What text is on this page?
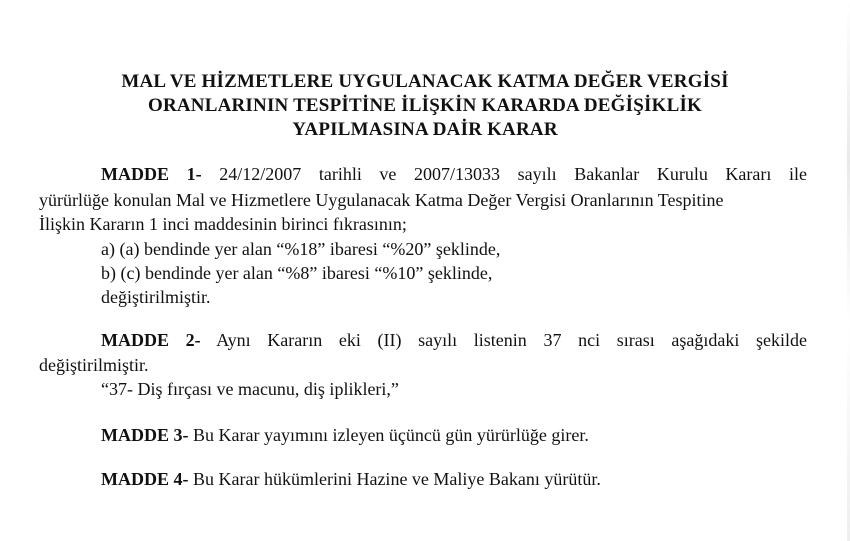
MAL VE HİZMETLERE UYGULANACAK KATMA DEĞER VERGİSİ
ORANLARININ TESPİTİNE İLİŞKİN KARARDA DEĞİŞİKLİK
YAPILMASINA DAİR KARAR
MADDE 1- 24/12/2007 tarihli ve 2007/13033 sayılı Bakanlar Kurulu Kararı ile
yürürlüğe konulan Mal ve Hizmetlere Uygulanacak Katma Değer Vergisi Oranlarının Tespitine
İlişkin Kararın 1 inci maddesinin birinci fıkrasının;
a) (a) bendinde yer alan “%18” ibaresi “%20” şeklinde,
b) (c) bendinde yer alan “%8” ibaresi “%10” şeklinde,
değiştirilmiştir.
MADDE 2- Aynı Kararın eki (II) sayılı listenin 37 nci sırası aşağıdaki şekilde
değiştirilmiştir.
“37- Diş fırçası ve macunu, diş iplikleri,”
MADDE 3- Bu Karar yayımını izleyen üçüncü gün yürürlüğe girer.
MADDE 4- Bu Karar hükümlerini Hazine ve Maliye Bakanı yürütür.
